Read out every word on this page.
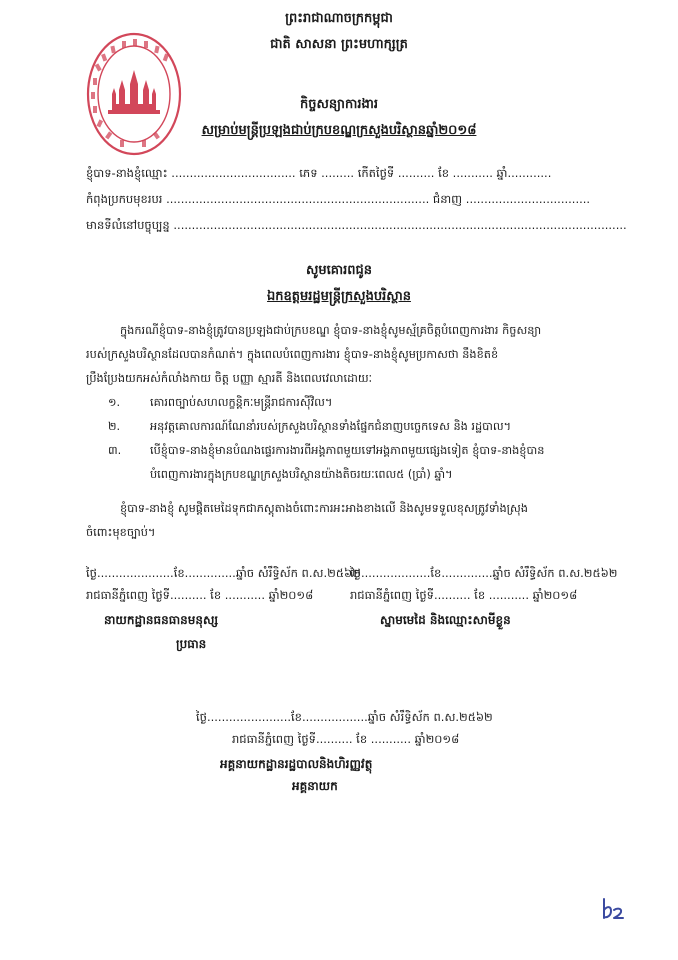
ព្រះរាជាណាចក្រកម្ពុជា
ជាតិ សាសនា ព្រះមហាក្សត្រ
កិច្ចសន្យាការងារ
សម្រាប់មន្ត្រីប្រឡងជាប់ក្របខណ្ឌក្រសួងបរិស្ថានឆ្នាំ២០១៨
ខ្ញុំបាទ-នាងខ្ញុំឈ្មោះ .................................. ភេទ ......... កើតថ្ងៃទី .......... ខែ ........... ឆ្នាំ............
កំពុងប្រកបមុខរបរ ........................................................................ ជំនាញ ..................................
មានទីលំនៅបច្ចុប្បន្ន ............................................................................................................................
សូមគោរពជូន
ឯកឧត្តមរដ្ឋមន្ត្រីក្រសួងបរិស្ថាន
ក្នុងករណីខ្ញុំបាទ-នាងខ្ញុំត្រូវបានប្រឡងជាប់ក្របខណ្ឌ ខ្ញុំបាទ-នាងខ្ញុំសូមស្ម័គ្រចិត្តបំពេញការងារ កិច្ចសន្យា
របស់ក្រសួងបរិស្ថានដែលបានកំណត់។ ក្នុងពេលបំពេញការងារ ខ្ញុំបាទ-នាងខ្ញុំសូមប្រកាសថា នឹងខិតខំ
ប្រឹងប្រែងយកអស់កំលាំងកាយ ចិត្ត បញ្ញា ស្មារតី និងពេលវេលាដោយៈ
១.	គោរពច្បាប់សហលក្ខន្តិកៈមន្ត្រីរាជការស៊ីវិល។
២.	អនុវត្តគោលការណ៍ណែនាំរបស់ក្រសួងបរិស្ថានទាំងផ្នែកជំនាញបច្ចេកទេស និង រដ្ឋបាល។
៣.	បើខ្ញុំបាទ-នាងខ្ញុំមានបំណងផ្ទេរការងារពីអង្គភាពមួយទៅអង្គភាពមួយផ្សេងទៀត ខ្ញុំបាទ-នាងខ្ញុំបាន
បំពេញការងារក្នុងក្របខណ្ឌក្រសួងបរិស្ថានយ៉ាងតិចរយៈពេល៥ (ប្រាំ) ឆ្នាំ។
ខ្ញុំបាទ-នាងខ្ញុំ សូមផ្តិតមេដៃទុកជាភស្តុតាងចំពោះការអះអាងខាងលើ និងសូមទទួលខុសត្រូវទាំងស្រុង
ចំពោះមុខច្បាប់។
ថ្ងៃ.....................ខែ..............ឆ្នាំច សំរឹទ្ធិស័ក ព.ស.២៥៦២
រាជធានីភ្នំពេញ ថ្ងៃទី.......... ខែ ........... ឆ្នាំ២០១៨
នាយកដ្ឋានធនធានមនុស្ស
ប្រធាន
ថ្ងៃ...................ខែ..............ឆ្នាំច សំរឹទ្ធិស័ក ព.ស.២៥៦២
រាជធានីភ្នំពេញ ថ្ងៃទី.......... ខែ ........... ឆ្នាំ២០១៨
ស្នាមមេដៃ និងឈ្មោះសាមីខ្លួន
ថ្ងៃ.......................ខែ..................ឆ្នាំច សំរឹទ្ធិស័ក ព.ស.២៥៦២
រាជធានីភ្នំពេញ ថ្ងៃទី.......... ខែ ........... ឆ្នាំ២០១៨
អគ្គនាយកដ្ឋានរដ្ឋបាលនិងហិរញ្ញវត្ថុ
អគ្គនាយក
